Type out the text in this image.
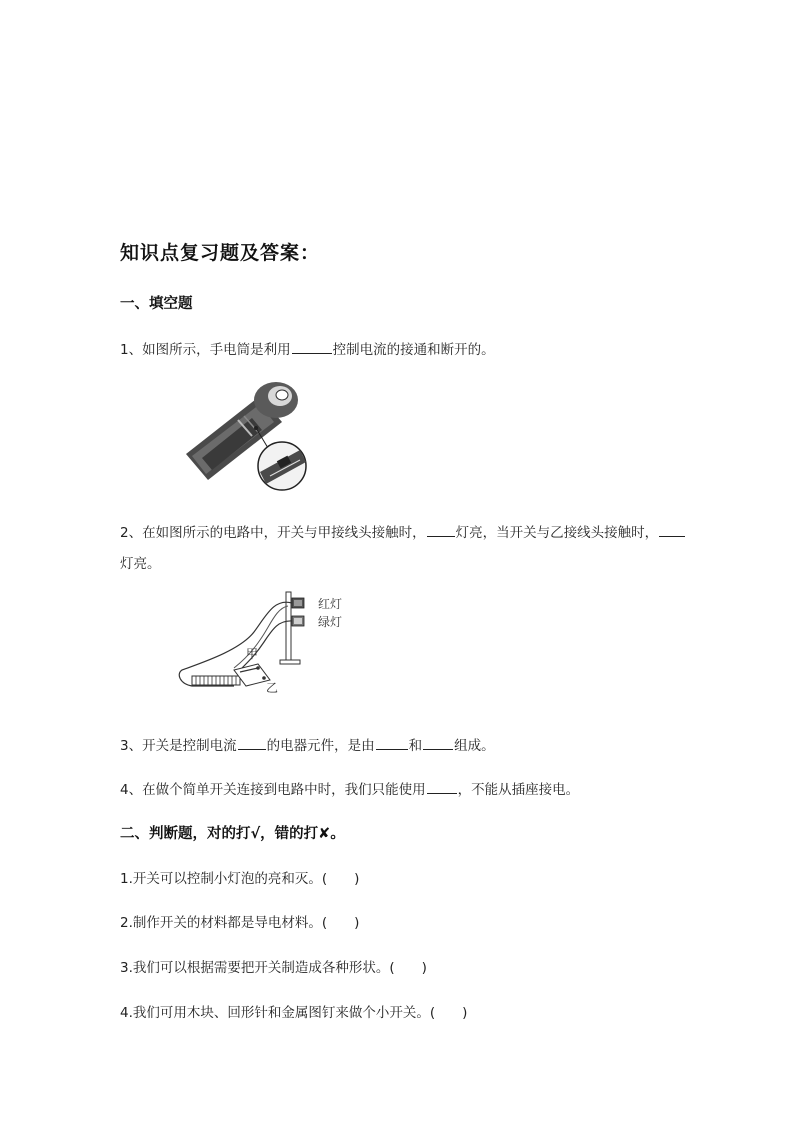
知识点复习题及答案：
一、填空题
1、如图所示，手电筒是利用	控制电流的接通和断开的。
2、在如图所示的电路中，开关与甲接线头接触时， 灯亮，当开关与乙接线头接触时，
灯亮。
红灯
绿灯
甲
乙
3、开关是控制电流 的电器元件，是由	和 组成。
4、在做个简单开关连接到电路中时，我们只能使用 ，不能从插座接电。
二、判断题，对的打√，错的打✘。
1.开关可以控制小灯泡的亮和灭。(　　)
2.制作开关的材料都是导电材料。(　　)
3.我们可以根据需要把开关制造成各种形状。(　　)
4.我们可用木块、回形针和金属图钉来做个小开关。(　　)
